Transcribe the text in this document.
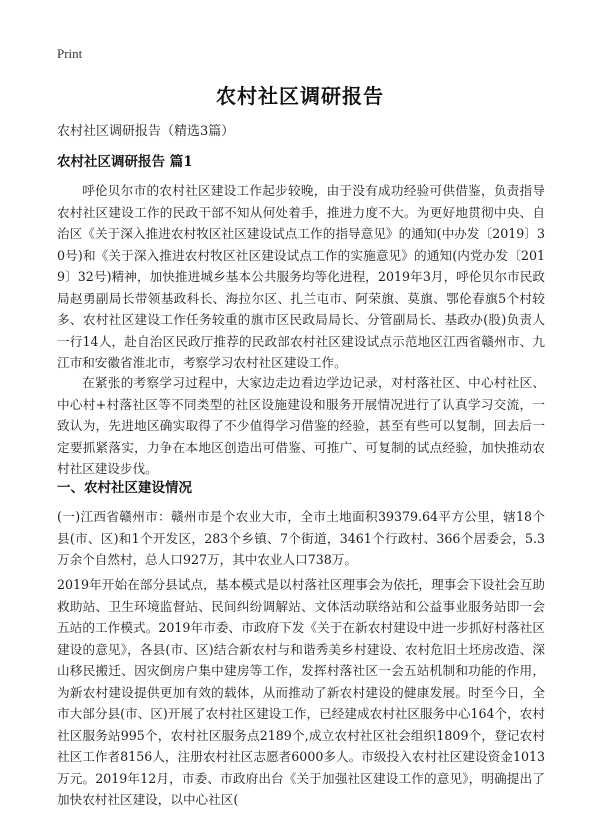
Print
农村社区调研报告
农村社区调研报告（精选3篇）
农村社区调研报告 篇1
呼伦贝尔市的农村社区建设工作起步较晚，由于没有成功经验可供借鉴，负责指导农村社区建设工作的民政干部不知从何处着手，推进力度不大。为更好地贯彻中央、自治区《关于深入推进农村牧区社区建设试点工作的指导意见》的通知(中办发〔2019〕30号)和《关于深入推进农村牧区社区建设试点工作的实施意见》的通知(内党办发〔2019〕32号)精神，加快推进城乡基本公共服务均等化进程，2019年3月，呼伦贝尔市民政局赵勇副局长带领基政科长、海拉尔区、扎兰屯市、阿荣旗、莫旗、鄂伦春旗5个村较多、农村社区建设工作任务较重的旗市区民政局局长、分管副局长、基政办(股)负责人一行14人，赴自治区民政厅推荐的民政部农村社区建设试点示范地区江西省赣州市、九江市和安徽省淮北市，考察学习农村社区建设工作。
在紧张的考察学习过程中，大家边走边看边学边记录，对村落社区、中心村社区、中心村+村落社区等不同类型的社区设施建设和服务开展情况进行了认真学习交流，一致认为，先进地区确实取得了不少值得学习借鉴的经验，甚至有些可以复制，回去后一定要抓紧落实，力争在本地区创造出可借鉴、可推广、可复制的试点经验，加快推动农村社区建设步伐。
一、农村社区建设情况
(一)江西省赣州市：赣州市是个农业大市，全市土地面积39379.64平方公里，辖18个县(市、区)和1个开发区，283个乡镇、7个街道，3461个行政村、366个居委会，5.3万余个自然村，总人口927万，其中农业人口738万。
2019年开始在部分县试点，基本模式是以村落社区理事会为依托，理事会下设社会互助救助站、卫生环境监督站、民间纠纷调解站、文体活动联络站和公益事业服务站即一会五站的工作模式。2019年市委、市政府下发《关于在新农村建设中进一步抓好村落社区建设的意见》，各县(市、区)结合新农村与和谐秀美乡村建设、农村危旧土坯房改造、深山移民搬迁、因灾倒房户集中建房等工作，发挥村落社区一会五站机制和功能的作用，为新农村建设提供更加有效的载体，从而推动了新农村建设的健康发展。时至今日，全市大部分县(市、区)开展了农村社区建设工作，已经建成农村社区服务中心164个，农村社区服务站995个，农村社区服务点2189个,成立农村社区社会组织1809个，登记农村社区工作者8156人，注册农村社区志愿者6000多人。市级投入农村社区建设资金1013万元。2019年12月，市委、市政府出台《关于加强社区建设工作的意见》，明确提出了加快农村社区建设，以中心社区(
